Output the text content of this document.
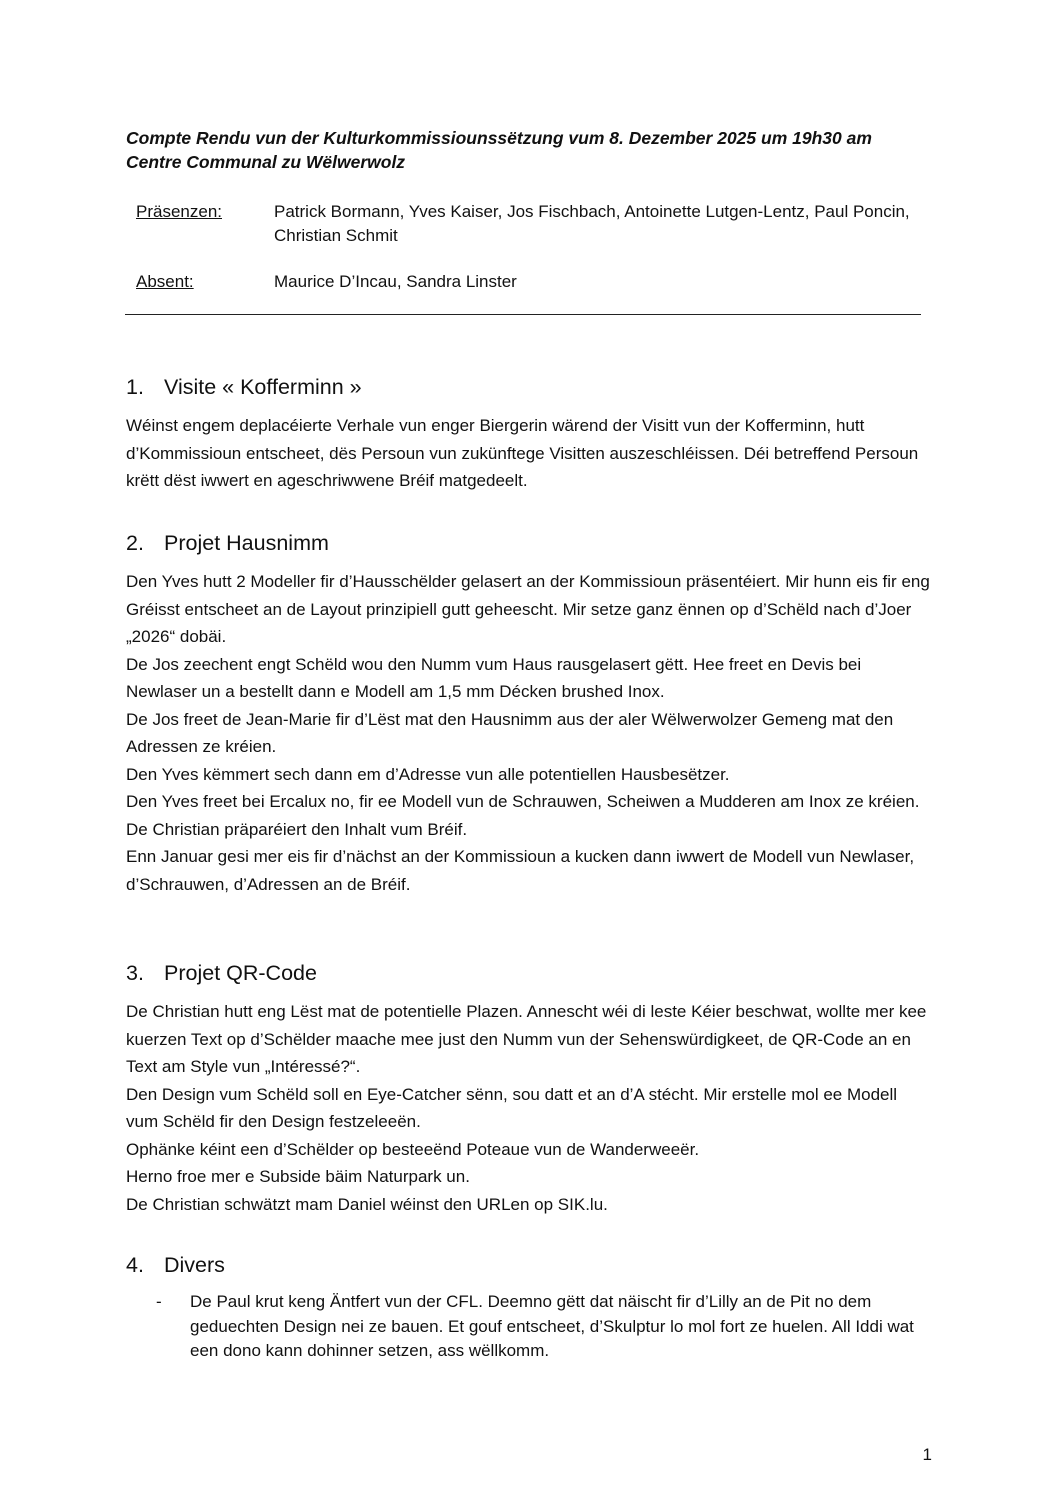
Compte Rendu vun der Kulturkommissiounssëtzung vum 8. Dezember 2025 um 19h30 am Centre Communal zu Wëlwerwolz

Präsenzen:	Patrick Bormann, Yves Kaiser, Jos Fischbach, Antoinette Lutgen-Lentz, Paul Poncin, Christian Schmit
Absent:	Maurice D’Incau, Sandra Linster
1. Visite « Kofferminn »

Wéinst engem deplacéierte Verhale vun enger Biergerin wärend der Visitt vun der Kofferminn, hutt d’Kommissioun entscheet, dës Persoun vun zukünftege Visitten auszeschléissen. Déi betreffend Persoun krëtt dëst iwwert en ageschriwwene Bréif matgedeelt.

2. Projet Hausnimm

Den Yves hutt 2 Modeller fir d’Hausschëlder gelasert an der Kommissioun präsentéiert. Mir hunn eis fir eng Gréisst entscheet an de Layout prinzipiell gutt geheescht. Mir setze ganz ënnen op d’Schëld nach d’Joer „2026“ dobäi.

De Jos zeechent engt Schëld wou den Numm vum Haus rausgelasert gëtt. Hee freet en Devis bei Newlaser un a bestellt dann e Modell am 1,5 mm Décken brushed Inox.

De Jos freet de Jean-Marie fir d’Lëst mat den Hausnimm aus der aler Wëlwerwolzer Gemeng mat den Adressen ze kréien.

Den Yves këmmert sech dann em d’Adresse vun alle potentiellen Hausbesëtzer.

Den Yves freet bei Ercalux no, fir ee Modell vun de Schrauwen, Scheiwen a Mudderen am Inox ze kréien.

De Christian präparéiert den Inhalt vum Bréif.

Enn Januar gesi mer eis fir d’nächst an der Kommissioun a kucken dann iwwert de Modell vun Newlaser, d’Schrauwen, d’Adressen an de Bréif.

3. Projet QR-Code

De Christian hutt eng Lëst mat de potentielle Plazen. Annescht wéi di leste Kéier beschwat, wollte mer kee kuerzen Text op d’Schëlder maache mee just den Numm vun der Sehenswürdigkeet, de QR-Code an en Text am Style vun „Intéressé?“.

Den Design vum Schëld soll en Eye-Catcher sënn, sou datt et an d’A stécht. Mir erstelle mol ee Modell vum Schëld fir den Design festzeleeën.

Ophänke kéint een d’Schëlder op besteeënd Poteaue vun de Wanderweeër.

Herno froe mer e Subside bäim Naturpark un.

De Christian schwätzt mam Daniel wéinst den URLen op SIK.lu.

4. Divers
-	De Paul krut keng Äntfert vun der CFL. Deemno gëtt dat näischt fir d’Lilly an de Pit no dem geduechten Design nei ze bauen. Et gouf entscheet, d’Skulptur lo mol fort ze huelen. All Iddi wat een dono kann dohinner setzen, ass wëllkomm.
1
